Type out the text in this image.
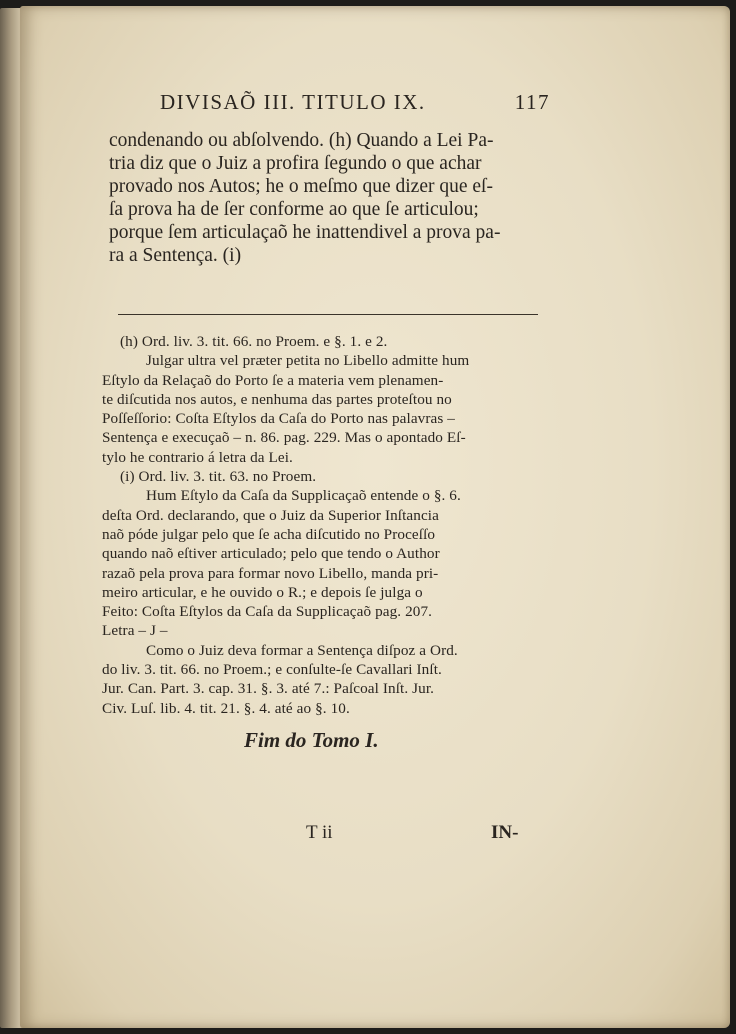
DIVISAÕ III. TITULO IX.	117
condenando ou abſolvendo. (h) Quando a Lei Pa-
tria diz que o Juiz a profira ſegundo o que achar
provado nos Autos; he o meſmo que dizer que eſ-
ſa prova ha de ſer conforme ao que ſe articulou;
porque ſem articulaçaõ he inattendivel a prova pa-
ra a Sentença. (i)
(h) Ord. liv. 3. tit. 66. no Proem. e §. 1. e 2.
Julgar ultra vel præter petita no Libello admitte hum
Eſtylo da Relaçaõ do Porto ſe a materia vem plenamen-
te diſcutida nos autos, e nenhuma das partes proteſtou no
Poſſeſſorio: Coſta Eſtylos da Caſa do Porto nas palavras –
Sentença e execuçaõ – n. 86. pag. 229. Mas o apontado Eſ-
tylo he contrario á letra da Lei.
(i) Ord. liv. 3. tit. 63. no Proem.
Hum Eſtylo da Caſa da Supplicaçaõ entende o §. 6.
deſta Ord. declarando, que o Juiz da Superior Inſtancia
naõ póde julgar pelo que ſe acha diſcutido no Proceſſo
quando naõ eſtiver articulado; pelo que tendo o Author
razaõ pela prova para formar novo Libello, manda pri-
meiro articular, e he ouvido o R.; e depois ſe julga o
Feito: Coſta Eſtylos da Caſa da Supplicaçaõ pag. 207.
Letra – J –
Como o Juiz deva formar a Sentença diſpoz a Ord.
do liv. 3. tit. 66. no Proem.; e conſulte-ſe Cavallari Inſt.
Jur. Can. Part. 3. cap. 31. §. 3. até 7.: Paſcoal Inſt. Jur.
Civ. Luſ. lib. 4. tit. 21. §. 4. até ao §. 10.
Fim do Tomo I.
T ii	IN-
